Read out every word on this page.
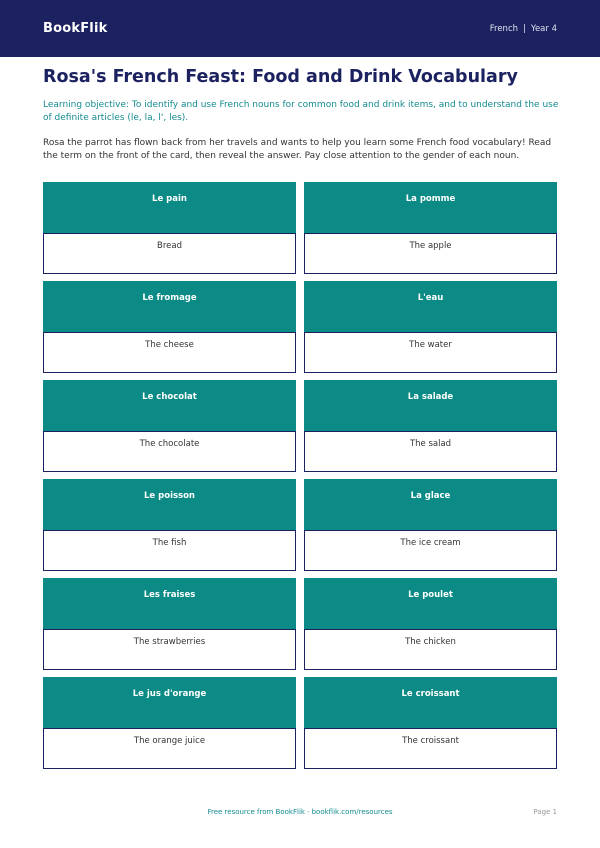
BookFlik	French | Year 4
Rosa's French Feast: Food and Drink Vocabulary

Learning objective: To identify and use French nouns for common food and drink items, and to understand the use of definite articles (le, la, l', les).

Rosa the parrot has flown back from her travels and wants to help you learn some French food vocabulary! Read the term on the front of the card, then reveal the answer. Pay close attention to the gender of each noun.

Le pain
Bread
La pomme
The apple
Le fromage
The cheese
L'eau
The water
Le chocolat
The chocolate
La salade
The salad
Le poisson
The fish
La glace
The ice cream
Les fraises
The strawberries
Le poulet
The chicken
Le jus d'orange
The orange juice
Le croissant
The croissant
Free resource from BookFlik · bookflik.com/resources	Page 1
